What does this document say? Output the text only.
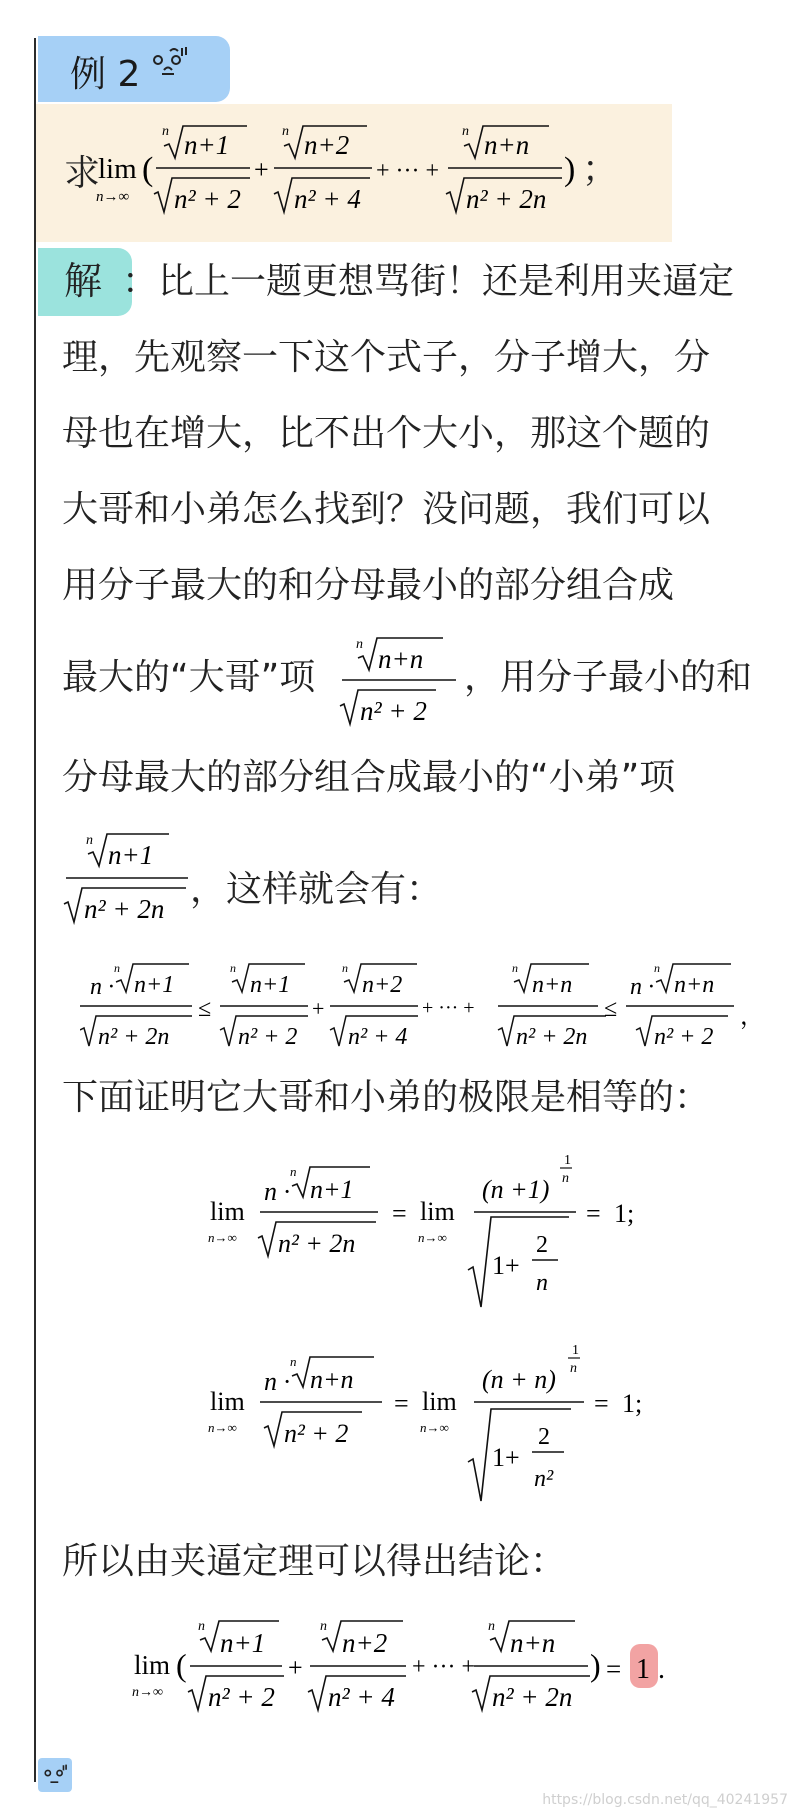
例 2
求
lim
n→∞
(
n n+1
n² + 2
+
n n+2
n² + 4
+ ··· +
n n+n
n² + 2n
) ；
解 ：比上一题更想骂街！还是利用夹逼定
理，先观察一下这个式子，分子增大，分
母也在增大，比不出个大小，那这个题的
大哥和小弟怎么找到？没问题，我们可以
用分子最大的和分母最小的部分组合成
最大的“大哥”项
n n+n
n² + 2
，用分子最小的和
分母最大的部分组合成最小的“小弟”项
n n+1
n² + 2n ，这样就会有：
n ·
n
n+1
n² + 2n
≤
n
n+1
n² + 2
+
n
n+2
n² + 4
+ ··· +
n
n+n
n² + 2n
≤
n ·
n
n+n
n² + 2
，
下面证明它大哥和小弟的极限是相等的：
lim
n→∞
n ·
n
n+1
n² + 2n
= lim
n→∞
(n +1)
1
n
1+
2
n
= 1;
lim
n→∞
n ·
n
n+n
n² + 2
= lim
n→∞
(n + n)
1
n
1+
2
n²
= 1;
所以由夹逼定理可以得出结论：
lim
n→∞
(
n
n+1
n² + 2
+
n
n+2
n² + 4
+ ··· +
n
n+n
n² + 2n
) = 1 .
https://blog.csdn.net/qq_40241957
